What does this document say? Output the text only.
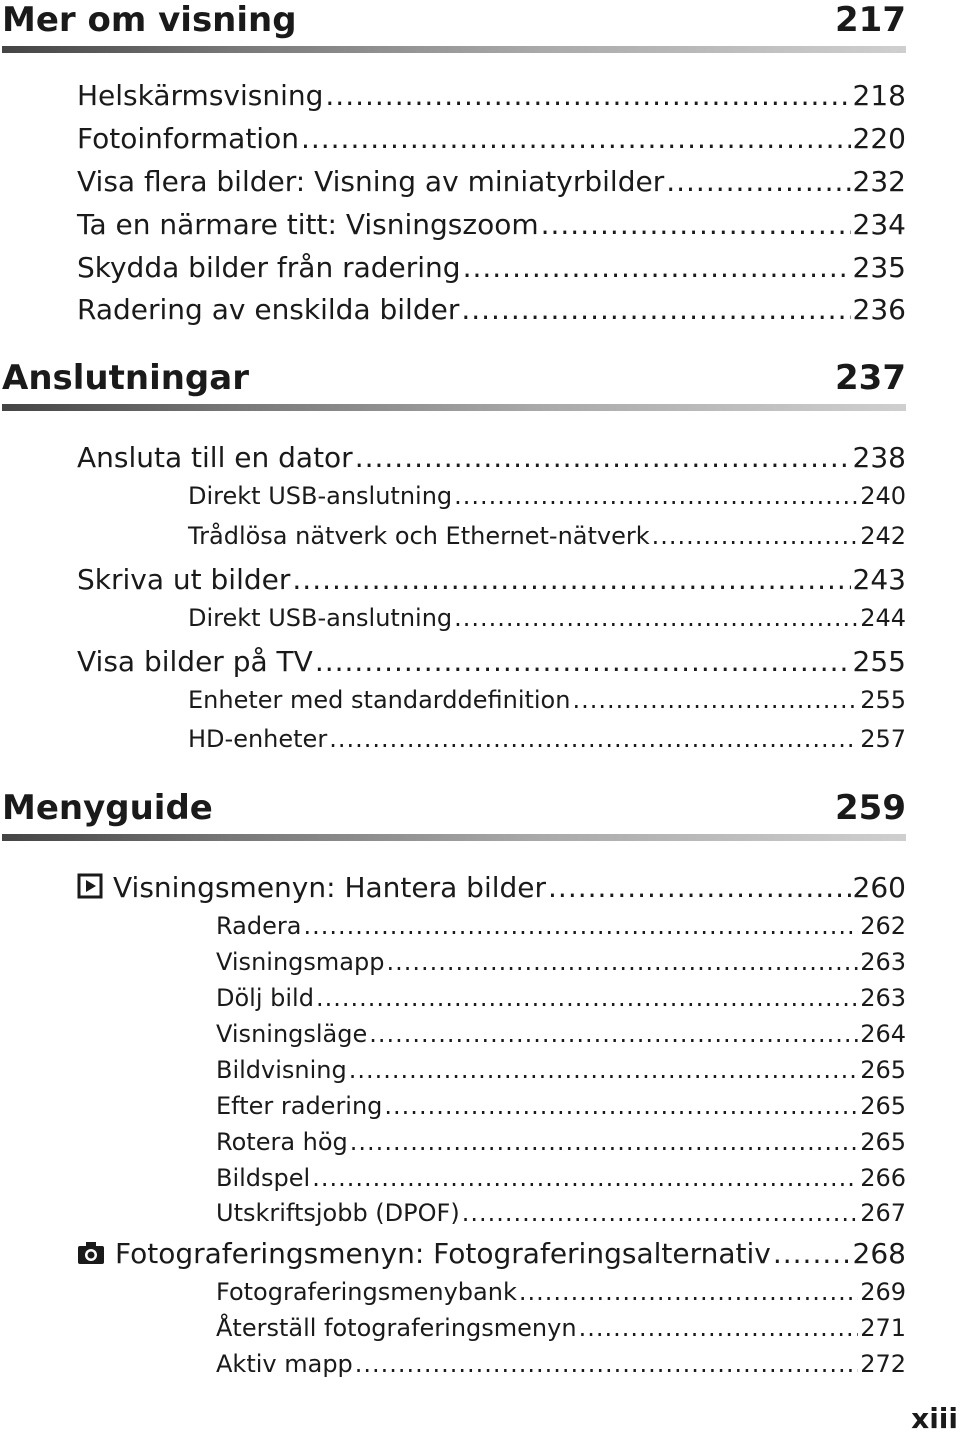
Mer om visning	217
Helskärmsvisning .....	218
Fotoinformation .....	220
Visa flera bilder: Visning av miniatyrbilder .....	232
Ta en närmare titt: Visningszoom .....	234
Skydda bilder från radering .....	235
Radering av enskilda bilder .....	236
Anslutningar	237
Ansluta till en dator .....	238
Direkt USB-anslutning .....	240
Trådlösa nätverk och Ethernet-nätverk .....	242
Skriva ut bilder .....	243
Direkt USB-anslutning .....	244
Visa bilder på TV .....	255
Enheter med standarddefinition .....	255
HD-enheter .....	257
Menyguide	259
Visningsmenyn: Hantera bilder .....	260
Radera .....	262
Visningsmapp .....	263
Dölj bild .....	263
Visningsläge .....	264
Bildvisning .....	265
Efter radering .....	265
Rotera hög .....	265
Bildspel .....	266
Utskriftsjobb (DPOF) .....	267
Fotograferingsmenyn: Fotograferingsalternativ .....	268
Fotograferingsmenybank .....	269
Återställ fotograferingsmenyn .....	271
Aktiv mapp .....	272
xiii
